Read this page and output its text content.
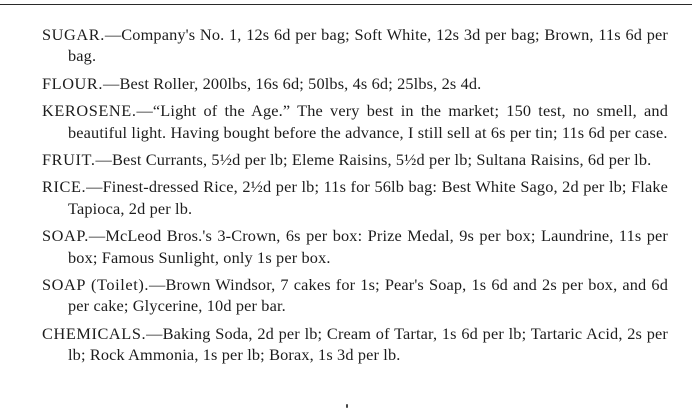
SUGAR.—Company's No. 1, 12s 6d per bag; Soft White, 12s 3d per bag; Brown, 11s 6d per bag.

FLOUR.—Best Roller, 200lbs, 16s 6d; 50lbs, 4s 6d; 25lbs, 2s 4d.

KEROSENE.—“Light of the Age.” The very best in the market; 150 test, no smell, and beautiful light. Having bought before the advance, I still sell at 6s per tin; 11s 6d per case.

FRUIT.—Best Currants, 5½d per lb; Eleme Raisins, 5½d per lb; Sultana Raisins, 6d per lb.

RICE.—Finest-dressed Rice, 2½d per lb; 11s for 56lb bag: Best White Sago, 2d per lb; Flake Tapioca, 2d per lb.

SOAP.—McLeod Bros.'s 3-Crown, 6s per box: Prize Medal, 9s per box; Laundrine, 11s per box; Famous Sunlight, only 1s per box.

SOAP (Toilet).—Brown Windsor, 7 cakes for 1s; Pear's Soap, 1s 6d and 2s per box, and 6d per cake; Glycerine, 10d per bar.

CHEMICALS.—Baking Soda, 2d per lb; Cream of Tartar, 1s 6d per lb; Tartaric Acid, 2s per lb; Rock Ammonia, 1s per lb; Borax, 1s 3d per lb.
